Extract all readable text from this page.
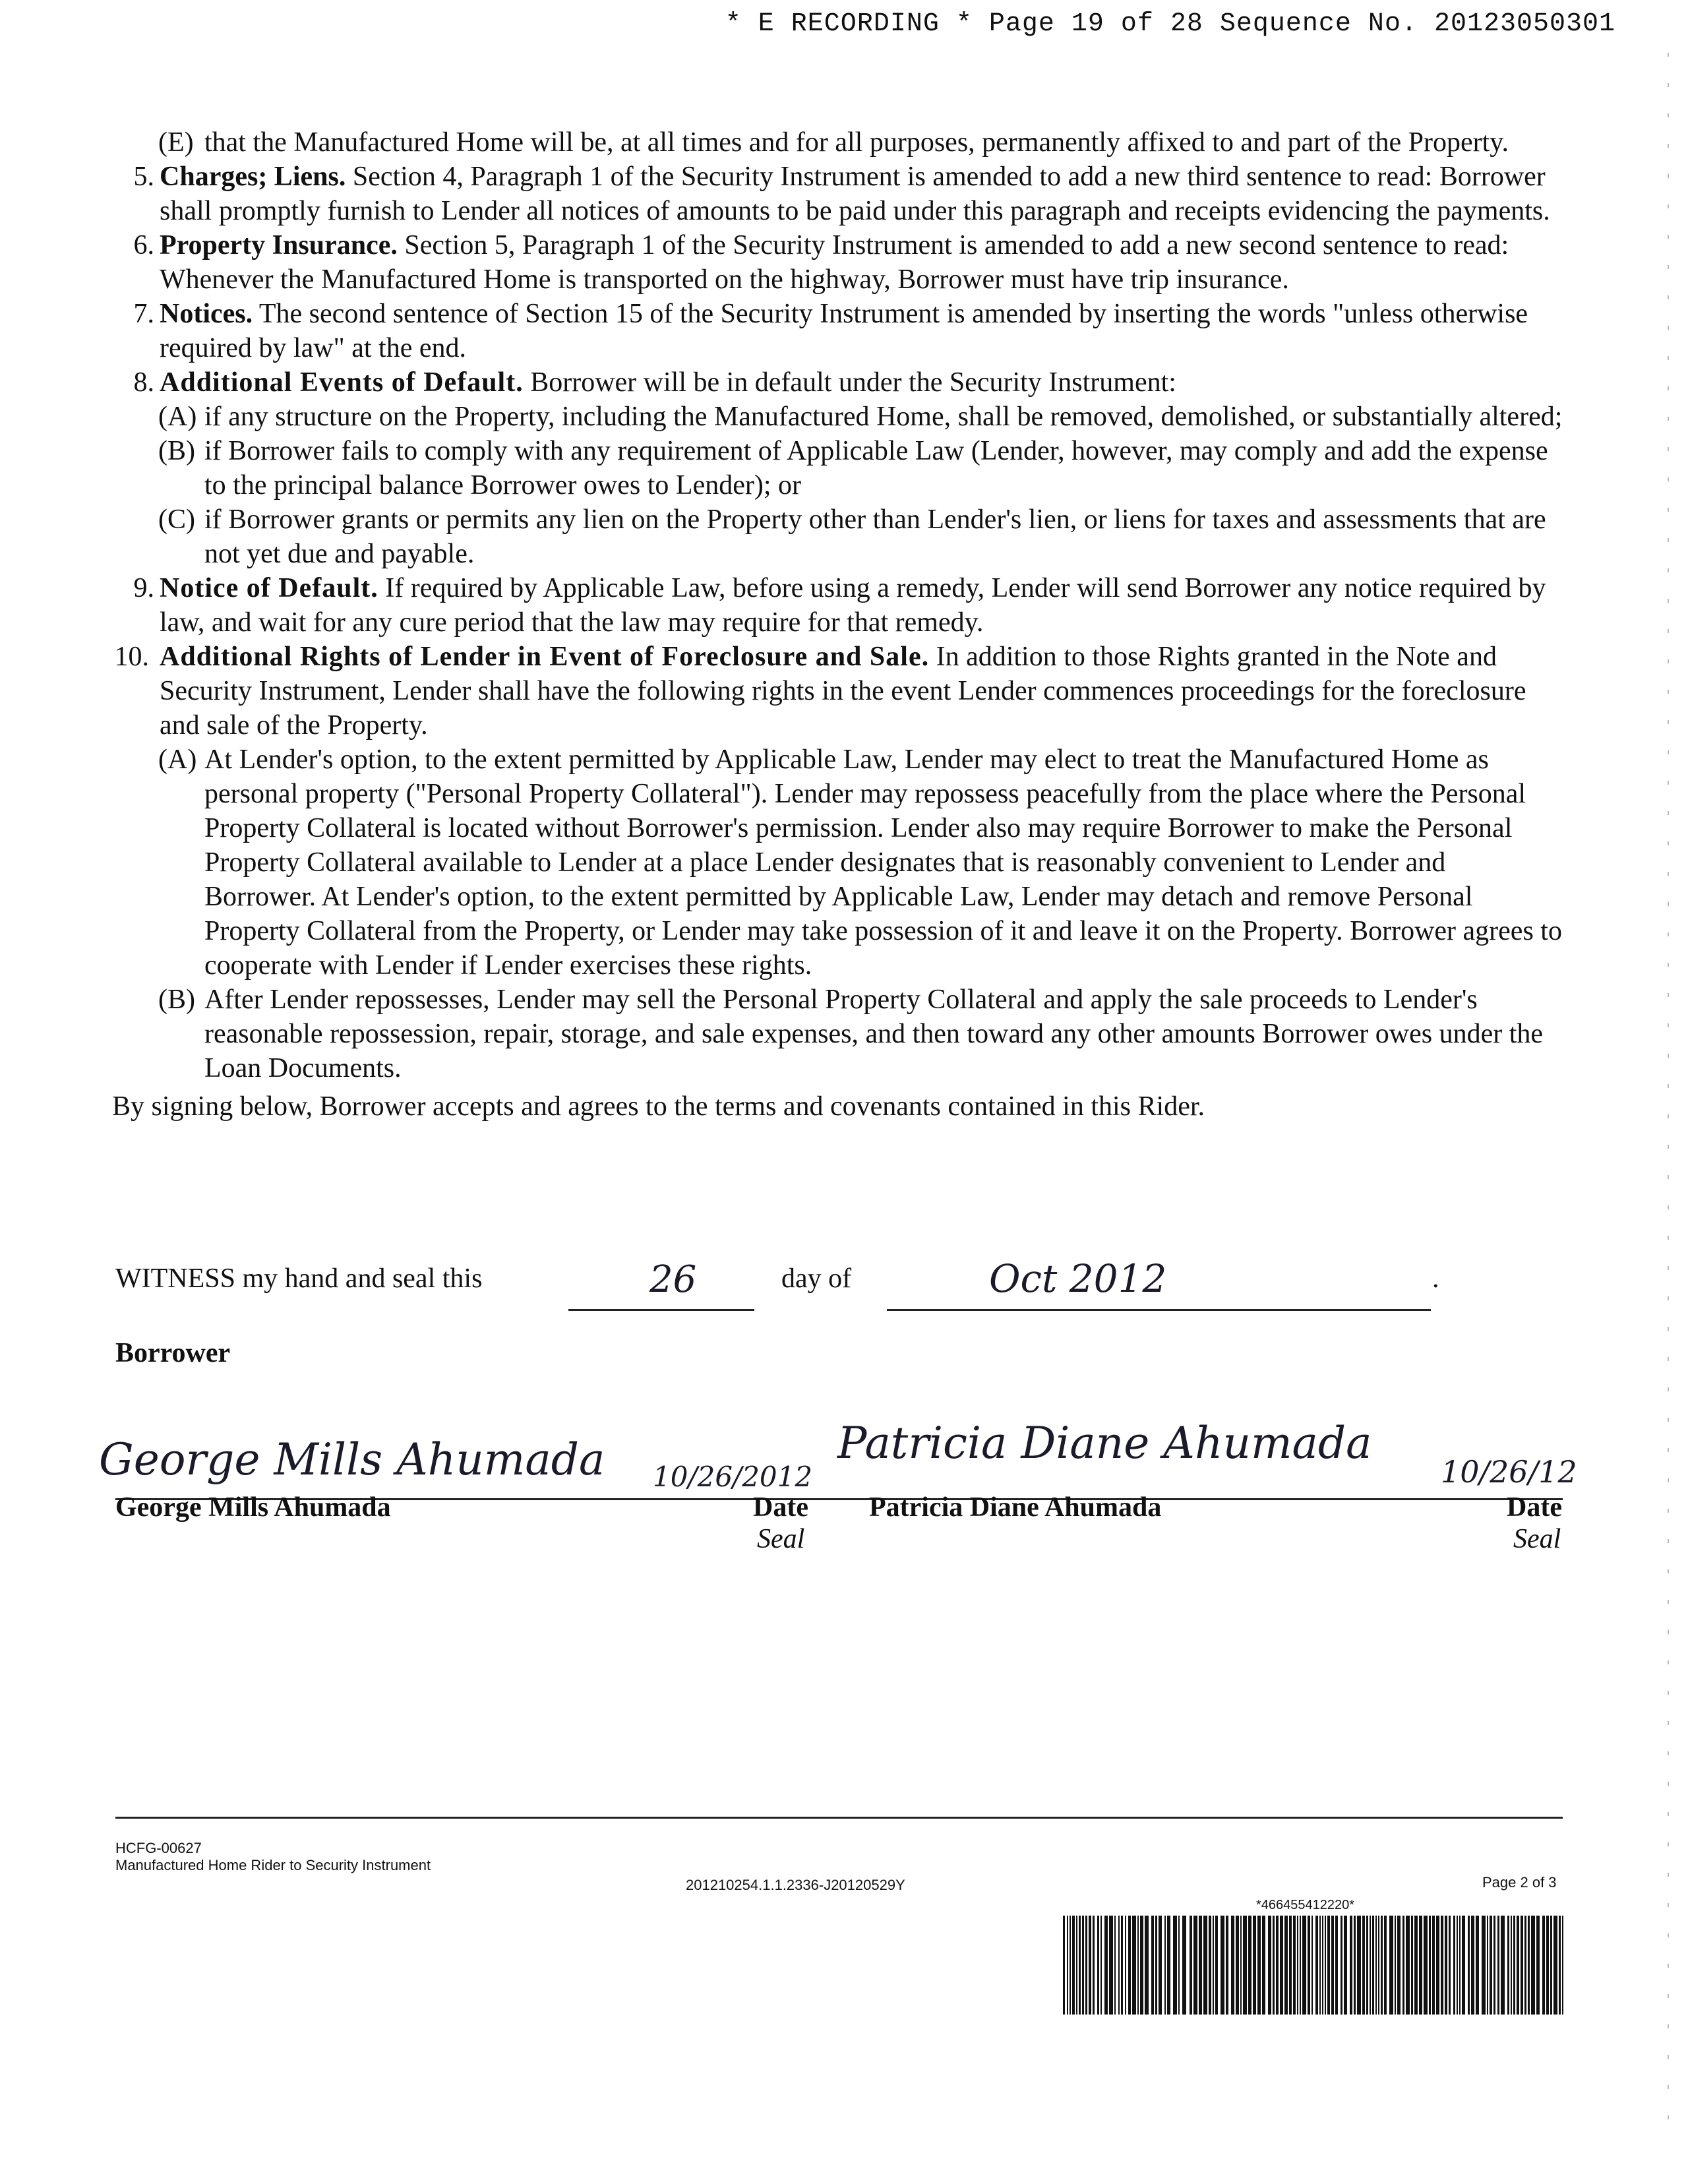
* E RECORDING * Page 19 of 28 Sequence No. 20123050301
(E) that the Manufactured Home will be, at all times and for all purposes, permanently affixed to and part of the Property.
5. Charges; Liens. Section 4, Paragraph 1 of the Security Instrument is amended to add a new third sentence to read: Borrower shall promptly furnish to Lender all notices of amounts to be paid under this paragraph and receipts evidencing the payments.
6. Property Insurance. Section 5, Paragraph 1 of the Security Instrument is amended to add a new second sentence to read: Whenever the Manufactured Home is transported on the highway, Borrower must have trip insurance.
7. Notices. The second sentence of Section 15 of the Security Instrument is amended by inserting the words "unless otherwise required by law" at the end.
8. Additional Events of Default. Borrower will be in default under the Security Instrument:
(A) if any structure on the Property, including the Manufactured Home, shall be removed, demolished, or substantially altered;
(B) if Borrower fails to comply with any requirement of Applicable Law (Lender, however, may comply and add the expense to the principal balance Borrower owes to Lender); or
(C) if Borrower grants or permits any lien on the Property other than Lender's lien, or liens for taxes and assessments that are not yet due and payable.
9. Notice of Default. If required by Applicable Law, before using a remedy, Lender will send Borrower any notice required by law, and wait for any cure period that the law may require for that remedy.
10. Additional Rights of Lender in Event of Foreclosure and Sale. In addition to those Rights granted in the Note and Security Instrument, Lender shall have the following rights in the event Lender commences proceedings for the foreclosure and sale of the Property.
(A) At Lender's option, to the extent permitted by Applicable Law, Lender may elect to treat the Manufactured Home as personal property ("Personal Property Collateral"). Lender may repossess peacefully from the place where the Personal Property Collateral is located without Borrower's permission. Lender also may require Borrower to make the Personal Property Collateral available to Lender at a place Lender designates that is reasonably convenient to Lender and Borrower. At Lender's option, to the extent permitted by Applicable Law, Lender may detach and remove Personal Property Collateral from the Property, or Lender may take possession of it and leave it on the Property. Borrower agrees to cooperate with Lender if Lender exercises these rights.
(B) After Lender repossesses, Lender may sell the Personal Property Collateral and apply the sale proceeds to Lender's reasonable repossession, repair, storage, and sale expenses, and then toward any other amounts Borrower owes under the Loan Documents.
By signing below, Borrower accepts and agrees to the terms and covenants contained in this Rider.
WITNESS my hand and seal this	26	day of	Oct 2012	.
Borrower
George Mills Ahumada 10/26/2012
George Mills Ahumada	Date
Seal
Patricia Diane Ahumada
10/26/12
Patricia Diane Ahumada	Date
Seal
HCFG-00627
Manufactured Home Rider to Security Instrument
201210254.1.1.2336-J20120529Y	Page 2 of 3
*466455412220*
